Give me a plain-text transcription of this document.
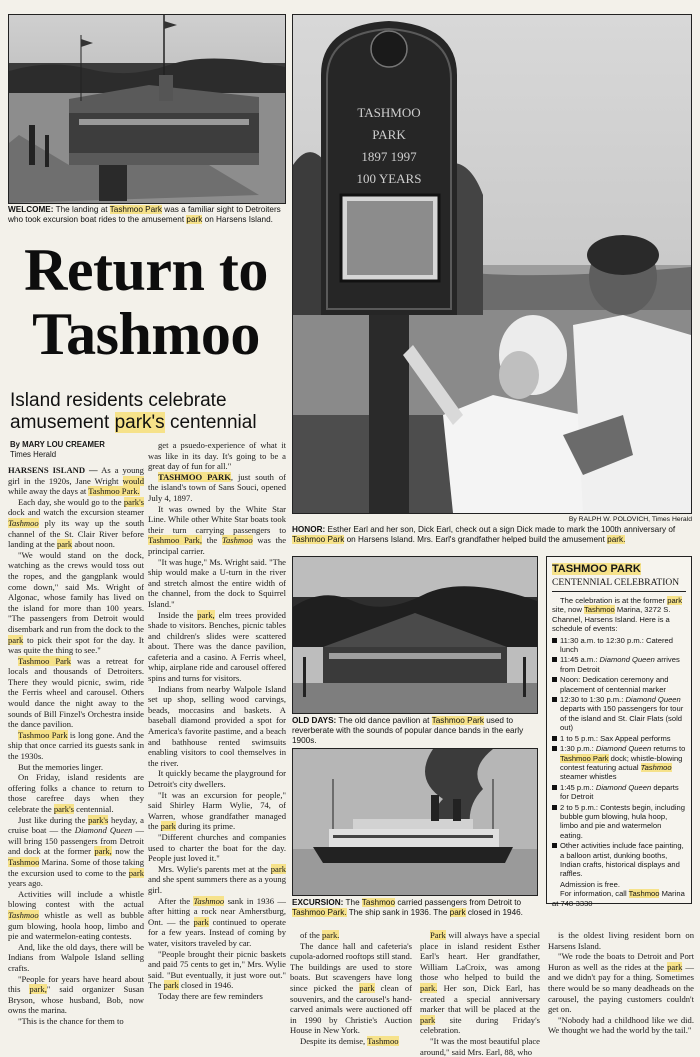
WELCOME: The landing at Tashmoo Park was a familiar sight to Detroiters who took excursion boat rides to the amusement park on Harsens Island.
Return to
Tashmoo
Island residents celebrate
amusement park's centennial
By MARY LOU CREAMER
Times Herald

HARSENS ISLAND — As a young girl in the 1920s, Jane Wright would while away the days at Tashmoo Park.

Each day, she would go to the park's dock and watch the excursion steamer Tashmoo ply its way up the south channel of the St. Clair River before landing at the park about noon.

"We would stand on the dock, watching as the crews would toss out the ropes, and the gangplank would come down," said Ms. Wright of Algonac, whose family has lived on the island for more than 100 years. "The passengers from Detroit would disembark and run from the dock to the park to pick their spot for the day. It was quite the thing to see."

Tashmoo Park was a retreat for locals and thousands of Detroiters. There they would picnic, swim, ride the Ferris wheel and carousel. Others would dance the night away to the sounds of Bill Finzel's Orchestra inside the dance pavilion.

Tashmoo Park is long gone. And the ship that once carried its guests sank in the 1930s.

But the memories linger.

On Friday, island residents are offering folks a chance to return to those carefree days when they celebrate the park's centennial.

Just like during the park's heyday, a cruise boat — the Diamond Queen — will bring 150 passengers from Detroit and dock at the former park, now the Tashmoo Marina. Some of those taking the excursion used to come to the park years ago.

Activities will include a whistle blowing contest with the actual Tashmoo whistle as well as bubble gum blowing, hoola hoop, limbo and pie and watermelon-eating contests.

And, like the old days, there will be Indians from Walpole Island selling crafts.

"People for years have heard about this park," said organizer Susan Bryson, whose husband, Bob, now owns the marina.

"This is the chance for them to

get a psuedo-experience of what it was like in its day. It's going to be a great day of fun for all."

TASHMOO PARK, just south of the island's town of Sans Souci, opened July 4, 1897.

It was owned by the White Star Line. While other White Star boats took their turn carrying passengers to Tashmoo Park, the Tashmoo was the principal carrier.

"It was huge," Ms. Wright said. "The ship would make a U-turn in the river and stretch almost the entire width of the channel, from the dock to Squirrel Island."

Inside the park, elm trees provided shade to visitors. Benches, picnic tables and children's slides were scattered about. There was the dance pavilion, cafeteria and a casino. A Ferris wheel, whip, airplane ride and carousel offered spins and turns for visitors.

Indians from nearby Walpole Island set up shop, selling wood carvings, beads, moccasins and baskets. A baseball diamond provided a spot for America's favorite pastime, and a beach and bathhouse rented swimsuits enabling visitors to cool themselves in the river.

It quickly became the playground for Detroit's city dwellers.

"It was an excursion for people," said Shirley Harm Wylie, 74, of Warren, whose grandfather managed the park during its prime.

"Different churches and companies used to charter the boat for the day. People just loved it."

Mrs. Wylie's parents met at the park and she spent summers there as a young girl.

After the Tashmoo sank in 1936 — after hitting a rock near Amherstburg, Ont. — the park continued to operate for a few years. Instead of coming by water, visitors traveled by car.

"People brought their picnic baskets and paid 75 cents to get in," Mrs. Wylie said. "But eventually, it just wore out." The park closed in 1946.

Today there are few reminders

of the park.

The dance hall and cafeteria's cupola-adorned rooftops still stand. The buildings are used to store boats. But scavengers have long since picked the park clean of souvenirs, and the carousel's hand-carved animals were auctioned off in 1990 by Christie's Auction House in New York.

Despite its demise, Tashmoo

Park will always have a special place in island resident Esther Earl's heart. Her grandfather, William LaCroix, was among those who helped to build the park. Her son, Dick Earl, has created a special anniversary marker that will be placed at the park site during Friday's celebration.

"It was the most beautiful place around," said Mrs. Earl, 88, who

is the oldest living resident born on Harsens Island.

"We rode the boats to Detroit and Port Huron as well as the rides at the park — and we didn't pay for a thing. Sometimes there would be so many deadheads on the carousel, the paying customers couldn't get on.

"Nobody had a childhood like we did. We thought we had the world by the tail."

TASHMOO
PARK
1897 1997
100 YEARS
By RALPH W. POLOVICH, Times Herald
HONOR: Esther Earl and her son, Dick Earl, check out a sign Dick made to mark the 100th anniversary of Tashmoo Park on Harsens Island. Mrs. Earl's grandfather helped build the amusement park.
OLD DAYS: The old dance pavilion at Tashmoo Park used to reverberate with the sounds of popular dance bands in the early 1900s.
EXCURSION: The Tashmoo carried passengers from Detroit to Tashmoo Park. The ship sank in 1936. The park closed in 1946.
TASHMOO PARK
CENTENNIAL CELEBRATION
The celebration is at the former park site, now Tashmoo Marina, 3272 S. Channel, Harsens Island. Here is a schedule of events:
11:30 a.m. to 12:30 p.m.: Catered lunch
11:45 a.m.: Diamond Queen arrives from Detroit
Noon: Dedication ceremony and placement of centennial marker
12:30 to 1:30 p.m.: Diamond Queen departs with 150 passengers for tour of the island and St. Clair Flats (sold out)
1 to 5 p.m.: Sax Appeal performs
1:30 p.m.: Diamond Queen returns to Tashmoo Park dock; whistle-blowing contest featuring actual Tashmoo steamer whistles
1:45 p.m.: Diamond Queen departs for Detroit
2 to 5 p.m.: Contests begin, including bubble gum blowing, hula hoop, limbo and pie and watermelon eating.
Other activities include face painting, a balloon artist, dunking booths, Indian crafts, historical displays and raffles.
Admission is free.
For information, call Tashmoo Marina at 748-3330
